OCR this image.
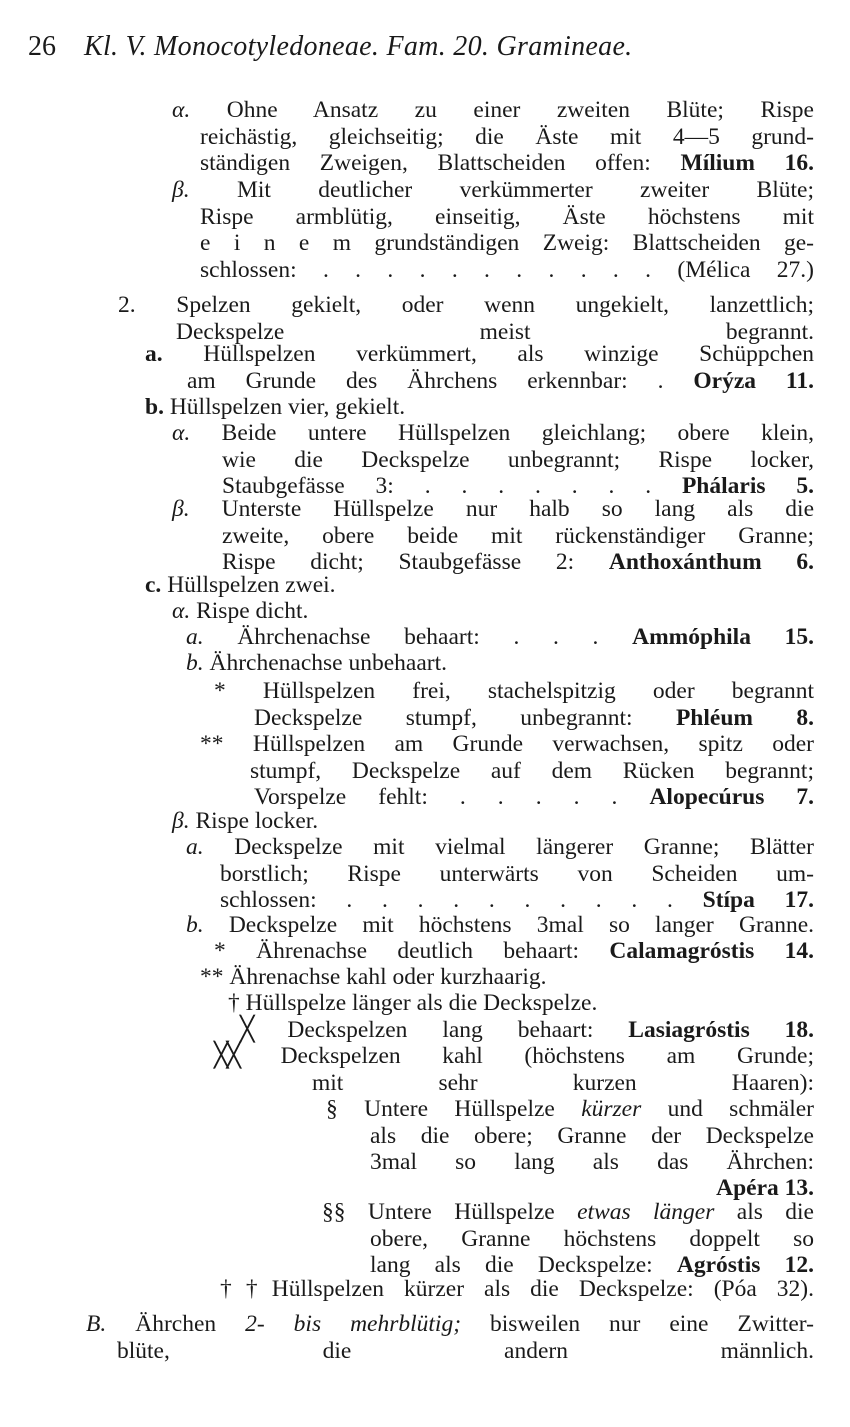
26 Kl. V. Monocotyledoneae. Fam. 20. Gramineae.
α. Ohne Ansatz zu einer zweiten Blüte; Rispe
reichästig, gleichseitig; die Äste mit 4—5 grund-
ständigen Zweigen, Blattscheiden offen: Mílium 16.
β. Mit deutlicher verkümmerter zweiter Blüte;
Rispe armblütig, einseitig, Äste höchstens mit
e i n e m grundständigen Zweig: Blattscheiden ge-
schlossen: . . . . . . . . . . . (Mélica 27.)
2. Spelzen gekielt, oder wenn ungekielt, lanzettlich;
Deckspelze meist begrannt.
a. Hüllspelzen verkümmert, als winzige Schüppchen
am Grunde des Ährchens erkennbar: . Orýza 11.
b. Hüllspelzen vier, gekielt.
α. Beide untere Hüllspelzen gleichlang; obere klein,
wie die Deckspelze unbegrannt; Rispe locker,
Staubgefässe 3: . . . . . . . Phálaris 5.
β. Unterste Hüllspelze nur halb so lang als die
zweite, obere beide mit rückenständiger Granne;
Rispe dicht; Staubgefässe 2: Anthoxánthum 6.
c. Hüllspelzen zwei.
α. Rispe dicht.
a. Ährchenachse behaart: . . . Ammóphila 15.
b. Ährchenachse unbehaart.
* Hüllspelzen frei, stachelspitzig oder begrannt
Deckspelze stumpf, unbegrannt: Phléum 8.
** Hüllspelzen am Grunde verwachsen, spitz oder
stumpf, Deckspelze auf dem Rücken begrannt;
Vorspelze fehlt: . . . . . Alopecúrus 7.
β. Rispe locker.
a. Deckspelze mit vielmal längerer Granne; Blätter
borstlich; Rispe unterwärts von Scheiden um-
schlossen: . . . . . . . . . . Stípa 17.
b. Deckspelze mit höchstens 3mal so langer Granne.
* Ährenachse deutlich behaart: Calamagróstis 14.
** Ährenachse kahl oder kurzhaarig.
† Hüllspelze länger als die Deckspelze.
╳ Deckspelzen lang behaart: Lasiagróstis 18.
╳╳ Deckspelzen kahl (höchstens am Grunde;
mit sehr kurzen Haaren):
§ Untere Hüllspelze kürzer und schmäler
als die obere; Granne der Deckspelze
3mal so lang als das Ährchen:
Apéra 13.
§§ Untere Hüllspelze etwas länger als die
obere, Granne höchstens doppelt so
lang als die Deckspelze: Agróstis 12.
††Hüllspelzen kürzer als die Deckspelze: (Póa 32).
B. Ährchen 2- bis mehrblütig; bisweilen nur eine Zwitter-
blüte, die andern männlich.
